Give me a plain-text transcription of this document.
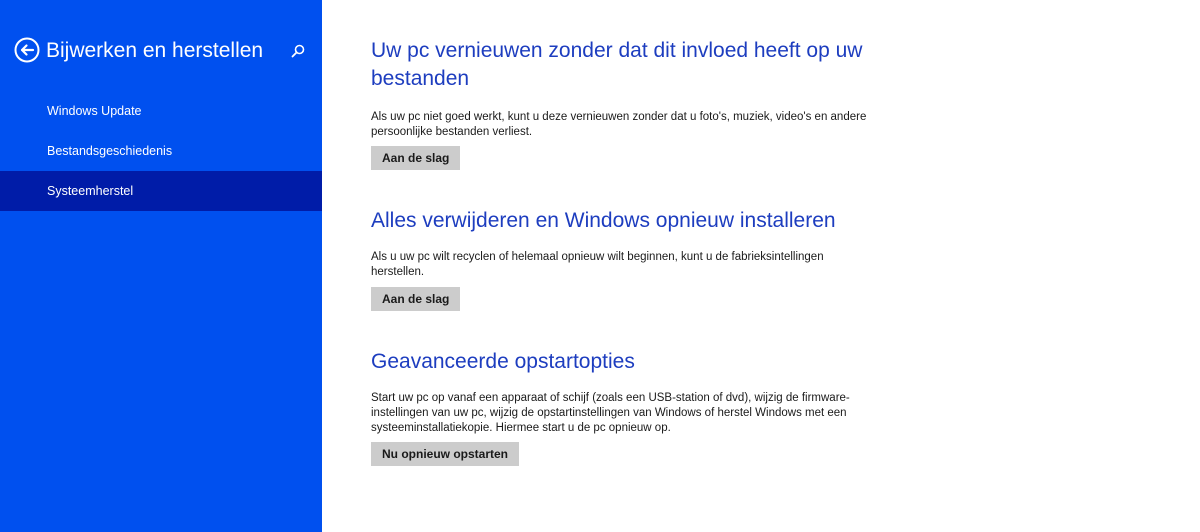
Bijwerken en herstellen
Windows Update
Bestandsgeschiedenis
Systeemherstel
Uw pc vernieuwen zonder dat dit invloed heeft op uw bestanden

Als uw pc niet goed werkt, kunt u deze vernieuwen zonder dat u foto's, muziek, video's en andere persoonlijke bestanden verliest.

Aan de slag
Alles verwijderen en Windows opnieuw installeren

Als u uw pc wilt recyclen of helemaal opnieuw wilt beginnen, kunt u de fabrieksintellingen herstellen.

Aan de slag
Geavanceerde opstartopties

Start uw pc op vanaf een apparaat of schijf (zoals een USB-station of dvd), wijzig de firmware-instellingen van uw pc, wijzig de opstartinstellingen van Windows of herstel Windows met een systeeminstallatiekopie. Hiermee start u de pc opnieuw op.

Nu opnieuw opstarten
